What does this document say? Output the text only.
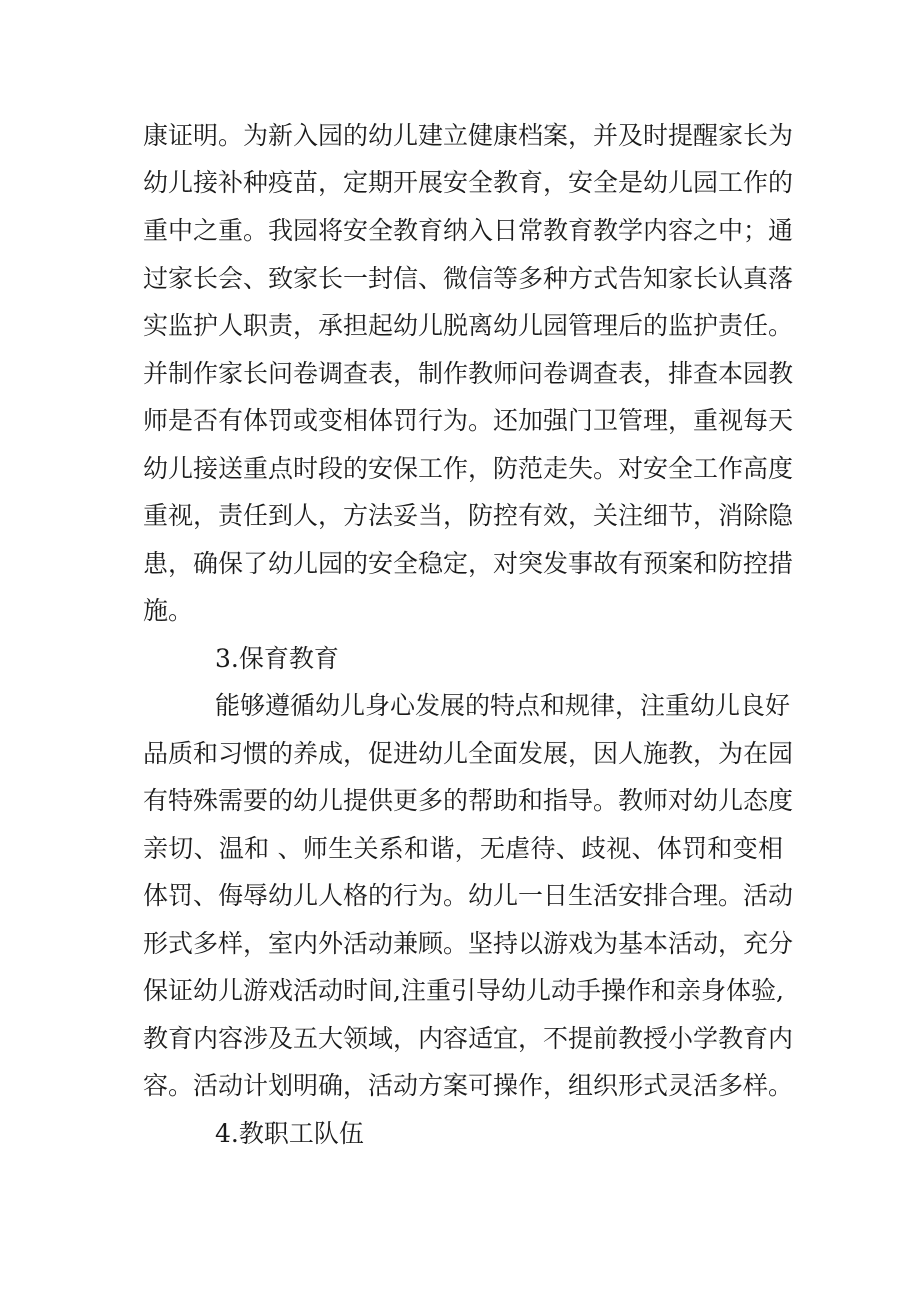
康证明。为新入园的幼儿建立健康档案，并及时提醒家长为

幼儿接补种疫苗，定期开展安全教育，安全是幼儿园工作的

重中之重。我园将安全教育纳入日常教育教学内容之中；通

过家长会、致家长一封信、微信等多种方式告知家长认真落

实监护人职责，承担起幼儿脱离幼儿园管理后的监护责任。

并制作家长问卷调查表，制作教师问卷调查表，排查本园教

师是否有体罚或变相体罚行为。还加强门卫管理，重视每天

幼儿接送重点时段的安保工作，防范走失。对安全工作高度

重视，责任到人，方法妥当，防控有效，关注细节，消除隐

患，确保了幼儿园的安全稳定，对突发事故有预案和防控措

施。

3.保育教育

能够遵循幼儿身心发展的特点和规律，注重幼儿良好

品质和习惯的养成，促进幼儿全面发展，因人施教，为在园

有特殊需要的幼儿提供更多的帮助和指导。教师对幼儿态度

亲切、温和 、师生关系和谐，无虐待、歧视、体罚和变相

体罚、侮辱幼儿人格的行为。幼儿一日生活安排合理。活动

形式多样，室内外活动兼顾。坚持以游戏为基本活动，充分

保证幼儿游戏活动时间,注重引导幼儿动手操作和亲身体验,

教育内容涉及五大领域，内容适宜，不提前教授小学教育内

容。活动计划明确，活动方案可操作，组织形式灵活多样。

4.教职工队伍
